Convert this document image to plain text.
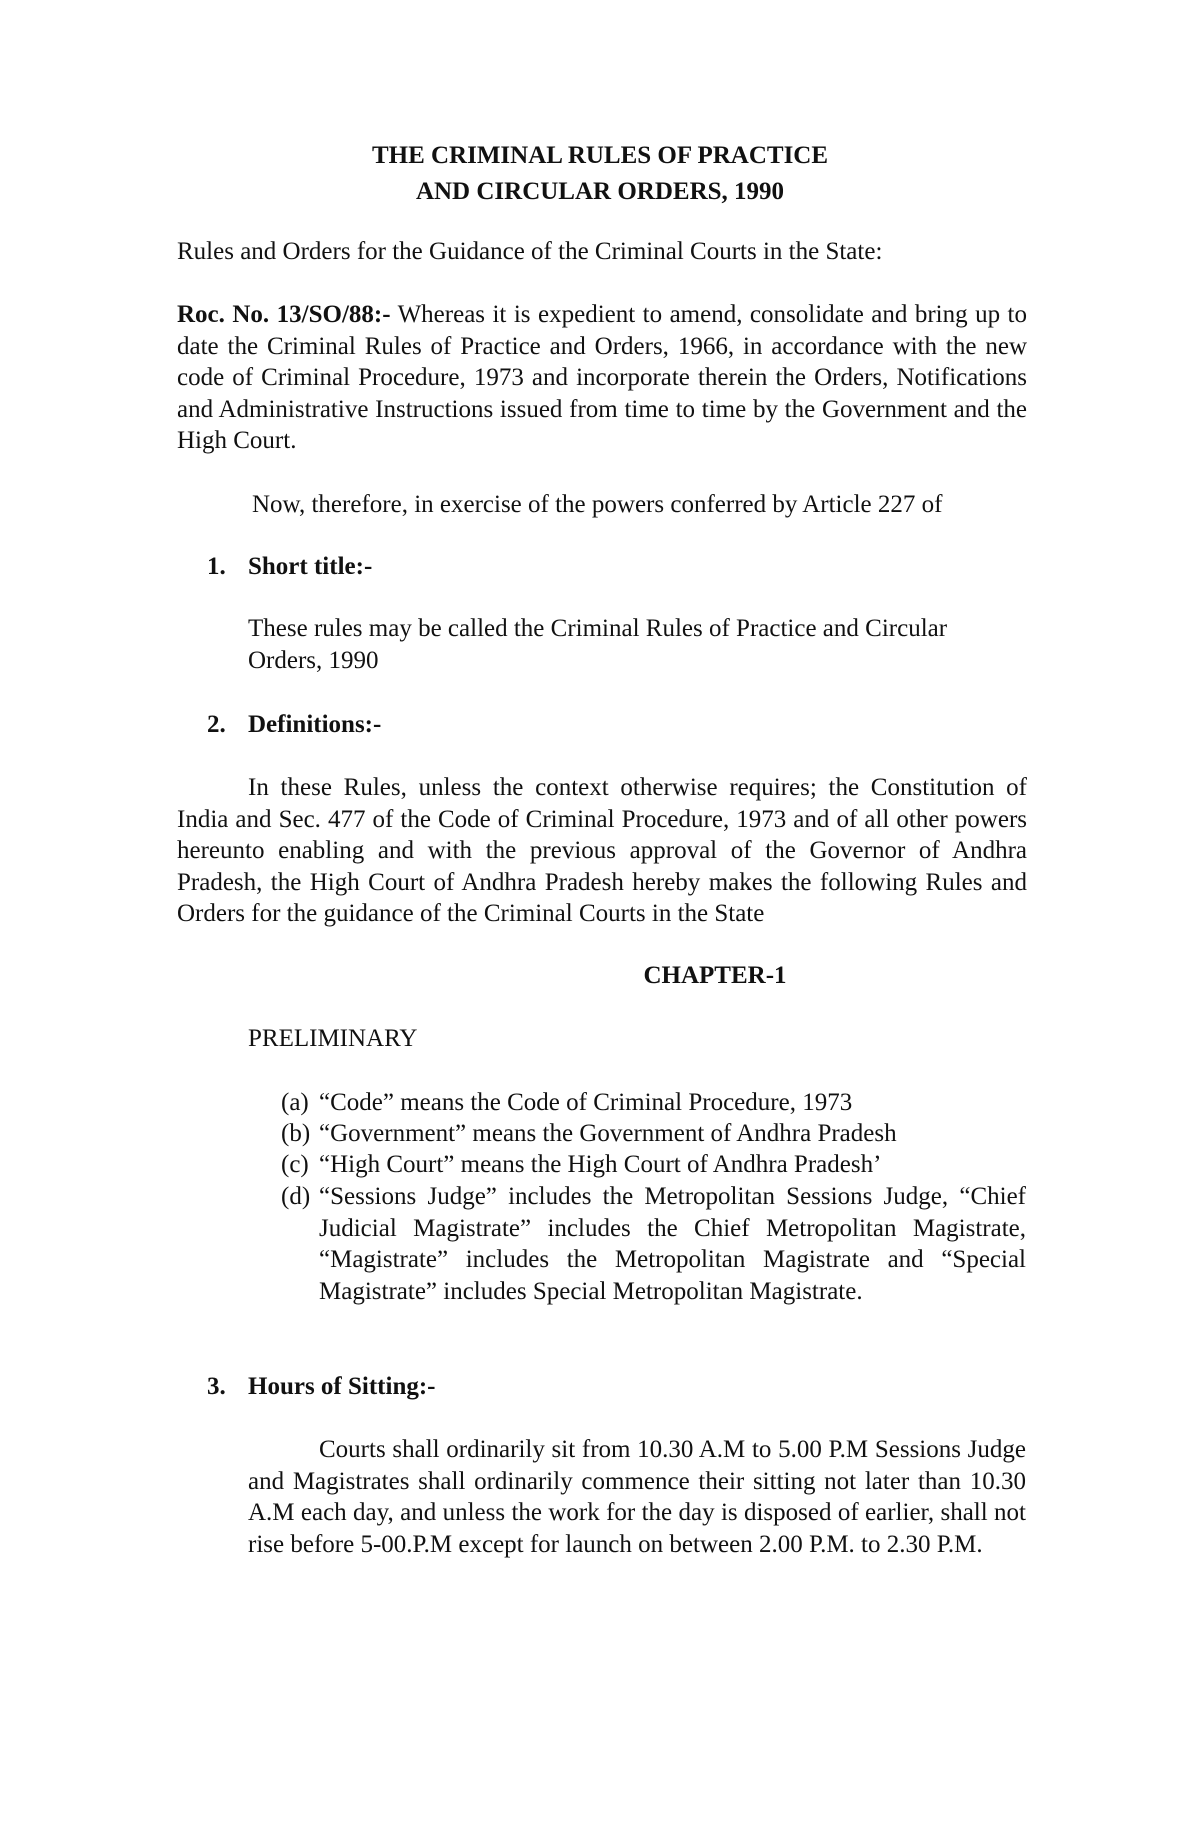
THE CRIMINAL RULES OF PRACTICE
AND CIRCULAR ORDERS, 1990
Rules and Orders for the Guidance of the Criminal Courts in the State:
Roc. No. 13/SO/88:- Whereas it is expedient to amend, consolidate and bring up to date the Criminal Rules of Practice and Orders, 1966, in accordance with the new code of Criminal Procedure, 1973 and incorporate therein the Orders, Notifications and Administrative Instructions issued from time to time by the Government and the High Court.
Now, therefore, in exercise of the powers conferred by Article 227 of
1. Short title:-
These rules may be called the Criminal Rules of Practice and Circular Orders, 1990
2. Definitions:-
In these Rules, unless the context otherwise requires; the Constitution of India and Sec. 477 of the Code of Criminal Procedure, 1973 and of all other powers hereunto enabling and with the previous approval of the Governor of Andhra Pradesh, the High Court of Andhra Pradesh hereby makes the following Rules and Orders for the guidance of the Criminal Courts in the State
CHAPTER-1
PRELIMINARY
(a) “Code” means the Code of Criminal Procedure, 1973
(b) “Government” means the Government of Andhra Pradesh
(c) “High Court” means the High Court of Andhra Pradesh’
(d) “Sessions Judge” includes the Metropolitan Sessions Judge, “Chief Judicial Magistrate” includes the Chief Metropolitan Magistrate, “Magistrate” includes the Metropolitan Magistrate and “Special Magistrate” includes Special Metropolitan Magistrate.
3. Hours of Sitting:-
Courts shall ordinarily sit from 10.30 A.M to 5.00 P.M Sessions Judge and Magistrates shall ordinarily commence their sitting not later than 10.30 A.M each day, and unless the work for the day is disposed of earlier, shall not rise before 5-00.P.M except for launch on between 2.00 P.M. to 2.30 P.M.
